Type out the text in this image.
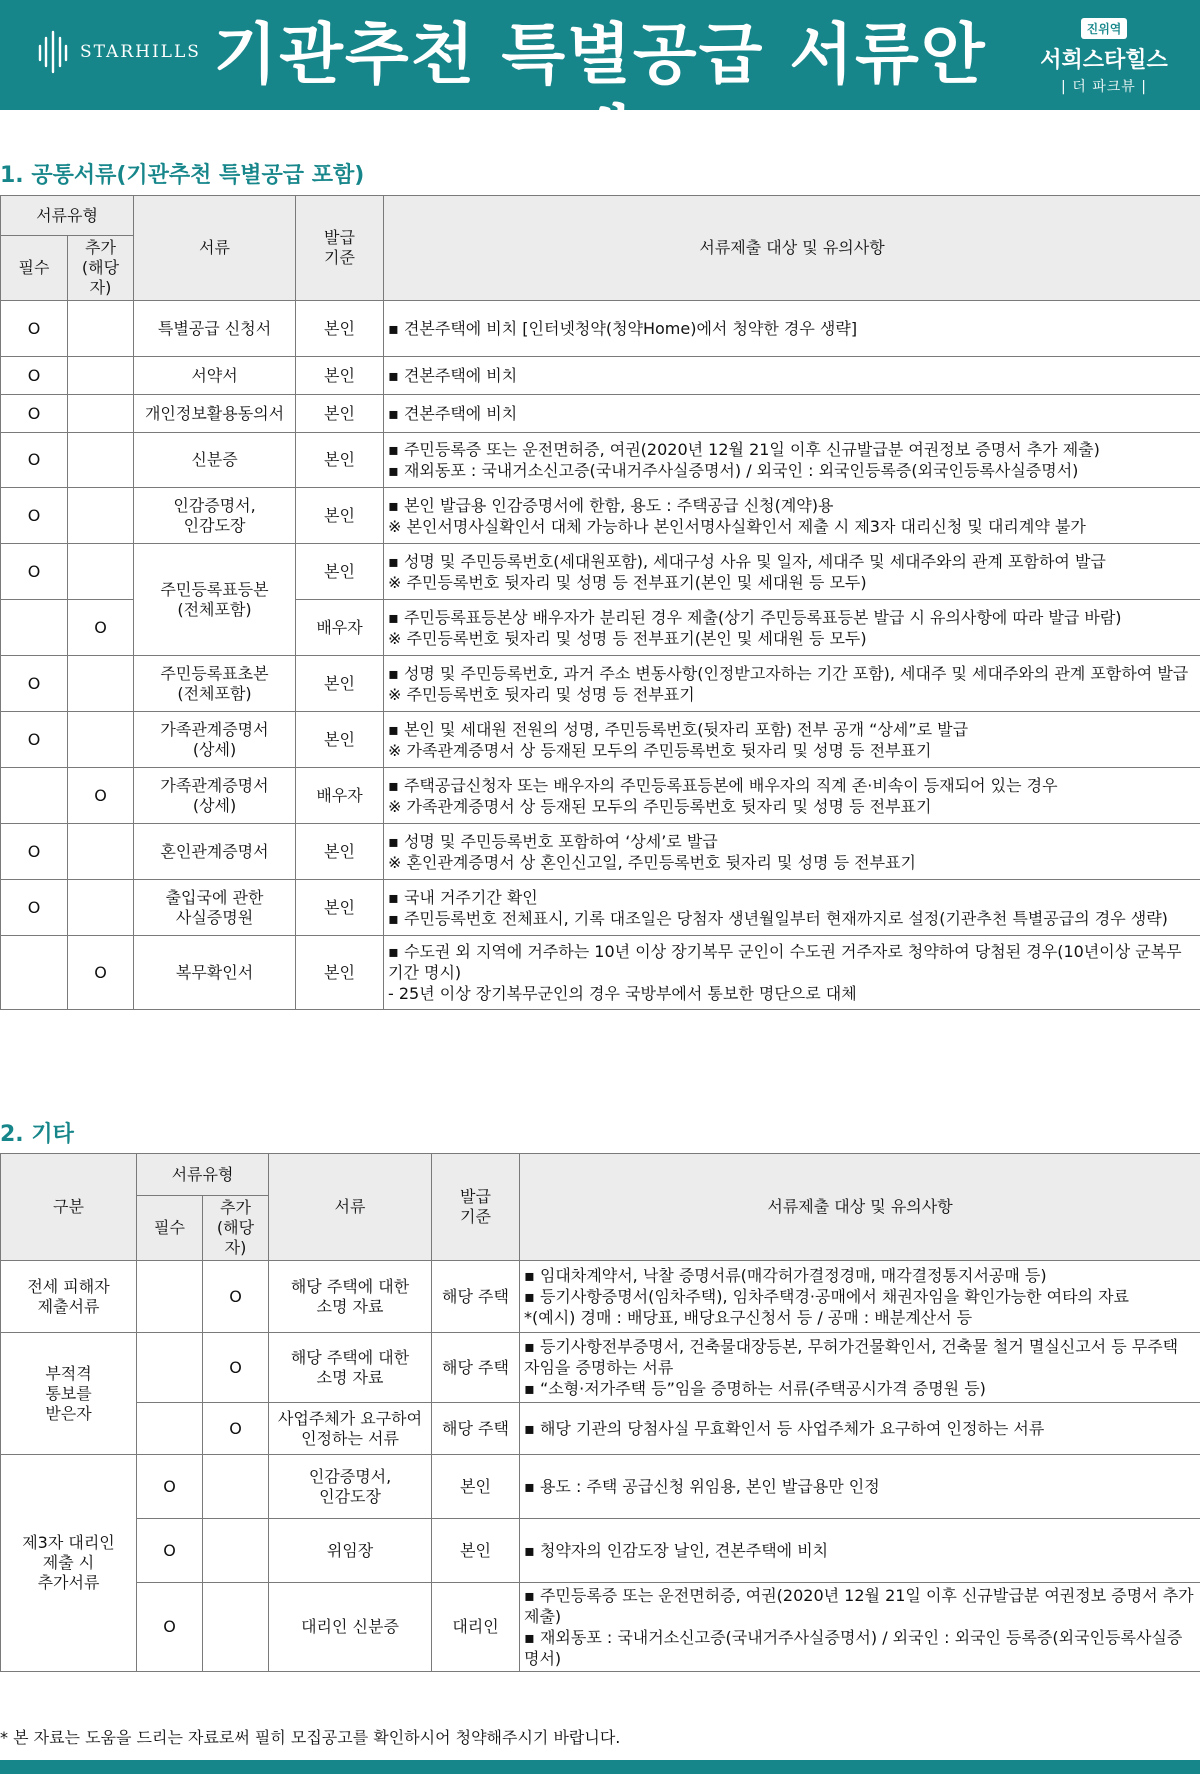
STARHILLS 기관추천 특별공급 서류안내
진위역
서희스타힐스
| 더 파크뷰 |
1. 공통서류(기관추천 특별공급 포함)
서류유형		서류	발급
기준	서류제출 대상 및 유의사항
필수	추가
(해당자)			
O		특별공급 신청서	본인	▪ 견본주택에 비치 [인터넷청약(청약Home)에서 청약한 경우 생략]

O		서약서	본인	▪ 견본주택에 비치

O		개인정보활용동의서	본인	▪ 견본주택에 비치

O		신분증	본인	▪ 주민등록증 또는 운전면허증, 여권(2020년 12월 21일 이후 신규발급분 여권정보 증명서 추가 제출)
▪ 재외동포 : 국내거소신고증(국내거주사실증명서) / 외국인 : 외국인등록증(외국인등록사실증명서)

O		인감증명서,
인감도장	본인	▪ 본인 발급용 인감증명서에 한함, 용도 : 주택공급 신청(계약)용
※ 본인서명사실확인서 대체 가능하나 본인서명사실확인서 제출 시 제3자 대리신청 및 대리계약 불가

O		주민등록표등본
(전체포함)	본인	▪ 성명 및 주민등록번호(세대원포함), 세대구성 사유 및 일자, 세대주 및 세대주와의 관계 포함하여 발급
※ 주민등록번호 뒷자리 및 성명 등 전부표기(본인 및 세대원 등 모두)

	O		배우자	▪ 주민등록표등본상 배우자가 분리된 경우 제출(상기 주민등록표등본 발급 시 유의사항에 따라 발급 바람)
※ 주민등록번호 뒷자리 및 성명 등 전부표기(본인 및 세대원 등 모두)

O		주민등록표초본
(전체포함)	본인	▪ 성명 및 주민등록번호, 과거 주소 변동사항(인정받고자하는 기간 포함), 세대주 및 세대주와의 관계 포함하여 발급
※ 주민등록번호 뒷자리 및 성명 등 전부표기

O		가족관계증명서
(상세)	본인	▪ 본인 및 세대원 전원의 성명, 주민등록번호(뒷자리 포함) 전부 공개 “상세”로 발급
※ 가족관계증명서 상 등재된 모두의 주민등록번호 뒷자리 및 성명 등 전부표기

	O	가족관계증명서
(상세)	배우자	▪ 주택공급신청자 또는 배우자의 주민등록표등본에 배우자의 직계 존·비속이 등재되어 있는 경우
※ 가족관계증명서 상 등재된 모두의 주민등록번호 뒷자리 및 성명 등 전부표기

O		혼인관계증명서	본인	▪ 성명 및 주민등록번호 포함하여 ‘상세’로 발급
※ 혼인관계증명서 상 혼인신고일, 주민등록번호 뒷자리 및 성명 등 전부표기

O		출입국에 관한
사실증명원	본인	▪ 국내 거주기간 확인
▪ 주민등록번호 전체표시, 기록 대조일은 당첨자 생년월일부터 현재까지로 설정(기관추천 특별공급의 경우 생략)

	O	복무확인서	본인	▪ 수도권 외 지역에 거주하는 10년 이상 장기복무 군인이 수도권 거주자로 청약하여 당첨된 경우(10년이상 군복무
기간 명시)
- 25년 이상 장기복무군인의 경우 국방부에서 통보한 명단으로 대체
2. 기타
구분	서류유형		서류	발급
기준	서류제출 대상 및 유의사항
	필수	추가
(해당자)			
전세 피해자
제출서류		O	해당 주택에 대한
소명 자료	해당 주택	▪ 임대차계약서, 낙찰 증명서류(매각허가결정경매, 매각결정통지서공매 등)
▪ 등기사항증명서(임차주택), 임차주택경·공매에서 채권자임을 확인가능한 여타의 자료
*(예시) 경매 : 배당표, 배당요구신청서 등 / 공매 : 배분계산서 등

부적격
통보를
받은자		O	해당 주택에 대한
소명 자료	해당 주택	▪ 등기사항전부증명서, 건축물대장등본, 무허가건물확인서, 건축물 철거 멸실신고서 등 무주택
자임을 증명하는 서류
▪ “소형·저가주택 등”임을 증명하는 서류(주택공시가격 증명원 등)

		O	사업주체가 요구하여
인정하는 서류	해당 주택	▪ 해당 기관의 당첨사실 무효확인서 등 사업주체가 요구하여 인정하는 서류

제3자 대리인
제출 시
추가서류	O		인감증명서,
인감도장	본인	▪ 용도 : 주택 공급신청 위임용, 본인 발급용만 인정

	O		위임장	본인	▪ 청약자의 인감도장 날인, 견본주택에 비치

	O		대리인 신분증	대리인	▪ 주민등록증 또는 운전면허증, 여권(2020년 12월 21일 이후 신규발급분 여권정보 증명서 추가
제출)
▪ 재외동포 : 국내거소신고증(국내거주사실증명서) / 외국인 : 외국인 등록증(외국인등록사실증
명서)
* 본 자료는 도움을 드리는 자료로써 필히 모집공고를 확인하시어 청약해주시기 바랍니다.
